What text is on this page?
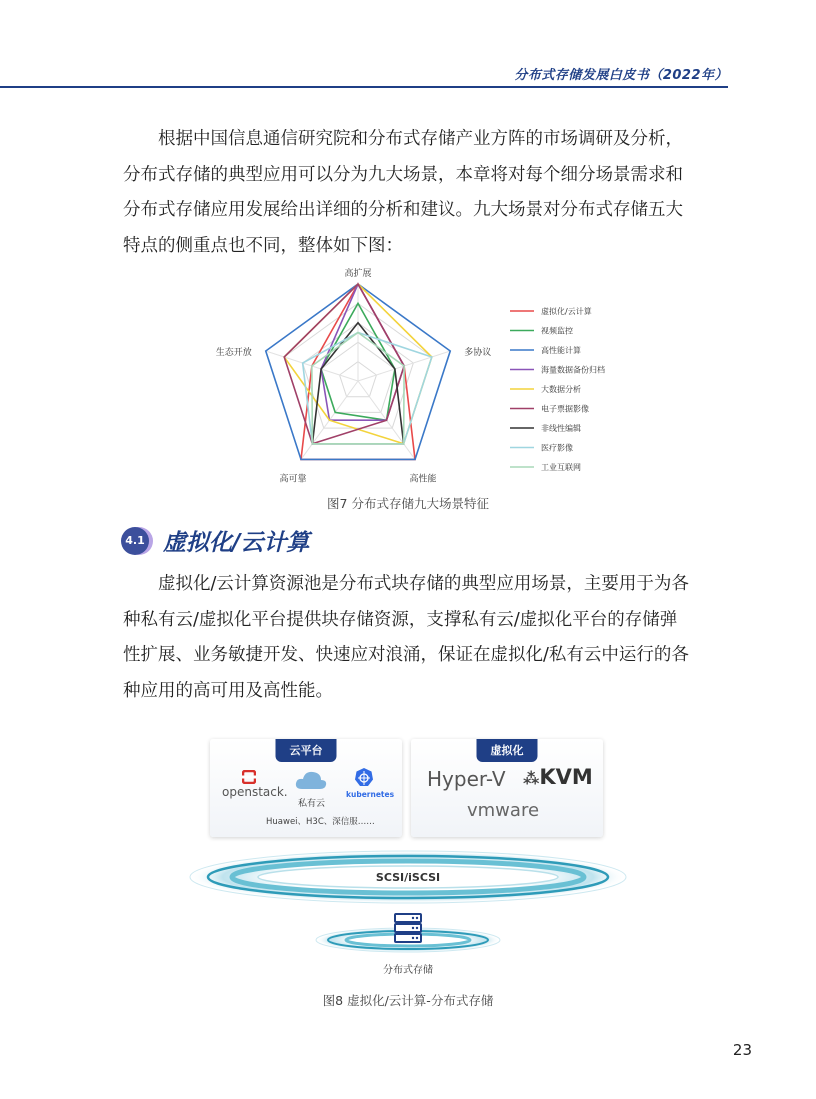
分布式存储发展白皮书（2022年）

根据中国信息通信研究院和分布式存储产业方阵的市场调研及分析，分布式存储的典型应用可以分为九大场景，本章将对每个细分场景需求和分布式存储应用发展给出详细的分析和建议。九大场景对分布式存储五大特点的侧重点也不同，整体如下图：

高扩展
多协议
高性能
高可靠
生态开放
虚拟化/云计算
视频监控
高性能计算
海量数据备份归档
大数据分析
电子票据影像
非线性编辑
医疗影像
工业互联网
图7 分布式存储九大场景特征
4.1 虚拟化/云计算

虚拟化/云计算资源池是分布式块存储的典型应用场景，主要用于为各种私有云/虚拟化平台提供块存储资源，支撑私有云/虚拟化平台的存储弹性扩展、业务敏捷开发、快速应对浪涌，保证在虚拟化/私有云中运行的各种应用的高可用及高性能。

云平台
openstack.
私有云
kubernetes
Huawei、H3C、深信服……
虚拟化
Hyper-V ⁂KVM
vmware
SCSI/iSCSI
分布式存储
图8 虚拟化/云计算-分布式存储
23
